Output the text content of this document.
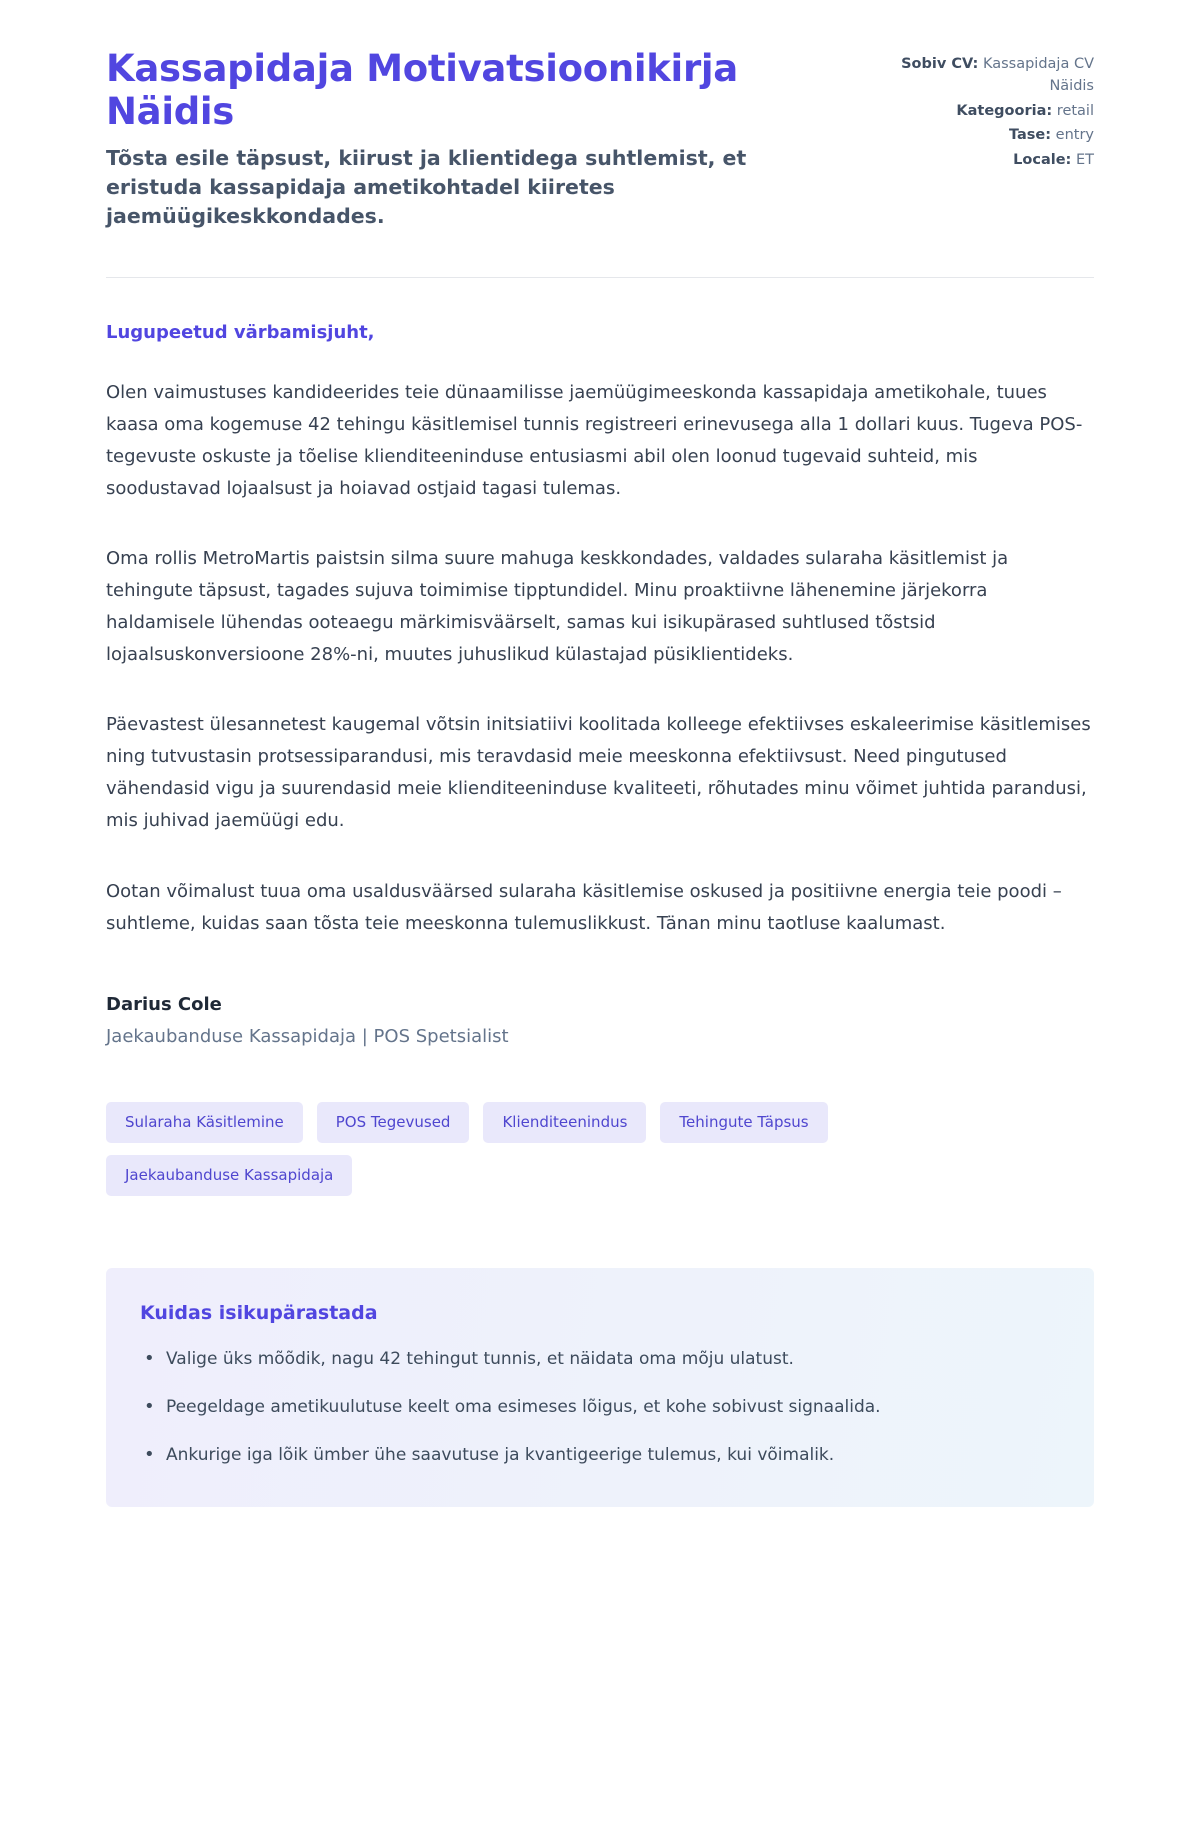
Kassapidaja Motivatsioonikirja Näidis

Tõsta esile täpsust, kiirust ja klientidega suhtlemist, et eristuda kassapidaja ametikohtadel kiiretes jaemüügikeskkondades.

Sobiv CV: Kassapidaja CV Näidis
Kategooria: retail
Tase: entry
Locale: ET

Lugupeetud värbamisjuht,

Olen vaimustuses kandideerides teie dünaamilisse jaemüügimeeskonda kassapidaja ametikohale, tuues kaasa oma kogemuse 42 tehingu käsitlemisel tunnis registreeri erinevusega alla 1 dollari kuus. Tugeva POS-tegevuste oskuste ja tõelise klienditeeninduse entusiasmi abil olen loonud tugevaid suhteid, mis soodustavad lojaalsust ja hoiavad ostjaid tagasi tulemas.

Oma rollis MetroMartis paistsin silma suure mahuga keskkondades, valdades sularaha käsitlemist ja tehingute täpsust, tagades sujuva toimimise tipptundidel. Minu proaktiivne lähenemine järjekorra haldamisele lühendas ooteaegu märkimisväärselt, samas kui isikupärased suhtlused tõstsid lojaalsuskonversioone 28%-ni, muutes juhuslikud külastajad püsiklientideks.

Päevastest ülesannetest kaugemal võtsin initsiatiivi koolitada kolleege efektiivses eskaleerimise käsitlemises ning tutvustasin protsessiparandusi, mis teravdasid meie meeskonna efektiivsust. Need pingutused vähendasid vigu ja suurendasid meie klienditeeninduse kvaliteeti, rõhutades minu võimet juhtida parandusi, mis juhivad jaemüügi edu.

Ootan võimalust tuua oma usaldusväärsed sularaha käsitlemise oskused ja positiivne energia teie poodi – suhtleme, kuidas saan tõsta teie meeskonna tulemuslikkust. Tänan minu taotluse kaalumast.

Darius Cole

Jaekaubanduse Kassapidaja | POS Spetsialist

Sularaha Käsitlemine	POS Tegevused	Klienditeenindus	Tehingute Täpsus
Jaekaubanduse Kassapidaja
Kuidas isikupärastada
• Valige üks mõõdik, nagu 42 tehingut tunnis, et näidata oma mõju ulatust.
• Peegeldage ametikuulutuse keelt oma esimeses lõigus, et kohe sobivust signaalida.
• Ankurige iga lõik ümber ühe saavutuse ja kvantigeerige tulemus, kui võimalik.
